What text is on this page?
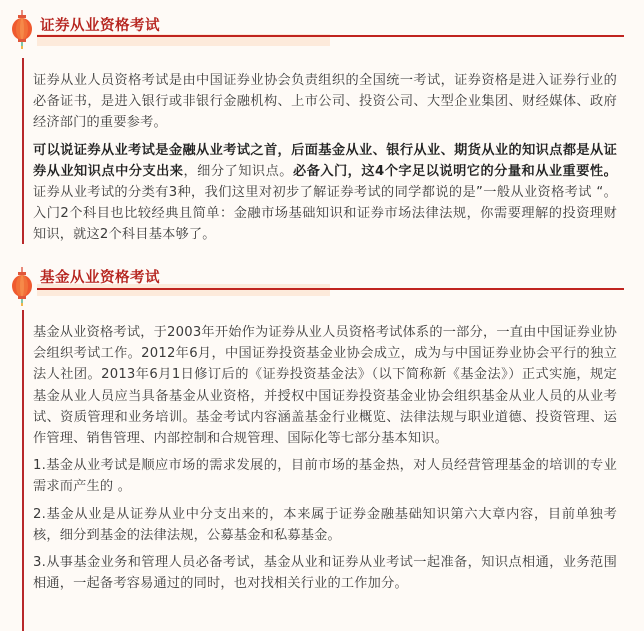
证券从业资格考试

证券从业人员资格考试是由中国证券业协会负责组织的全国统一考试，证券资格是进入证券行业的必备证书，是进入银行或非银行金融机构、上市公司、投资公司、大型企业集团、财经媒体、政府经济部门的重要参考。

可以说证券从业考试是金融从业考试之首，后面基金从业、银行从业、期货从业的知识点都是从证券从业知识点中分支出来，细分了知识点。必备入门，这4个字足以说明它的分量和从业重要性。证券从业考试的分类有3种，我们这里对初步了解证券考试的同学都说的是”一般从业资格考试 “。入门2个科目也比较经典且简单：金融市场基础知识和证券市场法律法规，你需要理解的投资理财知识，就这2个科目基本够了。

基金从业资格考试

基金从业资格考试，于2003年开始作为证券从业人员资格考试体系的一部分，一直由中国证券业协会组织考试工作。2012年6月，中国证券投资基金业协会成立，成为与中国证券业协会平行的独立法人社团。2013年6月1日修订后的《证券投资基金法》（以下简称新《基金法》）正式实施，规定基金从业人员应当具备基金从业资格，并授权中国证券投资基金业协会组织基金从业人员的从业考试、资质管理和业务培训。基金考试内容涵盖基金行业概览、法律法规与职业道德、投资管理、运作管理、销售管理、内部控制和合规管理、国际化等七部分基本知识。

1.基金从业考试是顺应市场的需求发展的，目前市场的基金热，对人员经营管理基金的培训的专业需求而产生的 。

2.基金从业是从证券从业中分支出来的，本来属于证券金融基础知识第六大章内容，目前单独考核，细分到基金的法律法规，公募基金和私募基金。

3.从事基金业务和管理人员必备考试，基金从业和证券从业考试一起准备，知识点相通，业务范围相通，一起备考容易通过的同时，也对找相关行业的工作加分。
